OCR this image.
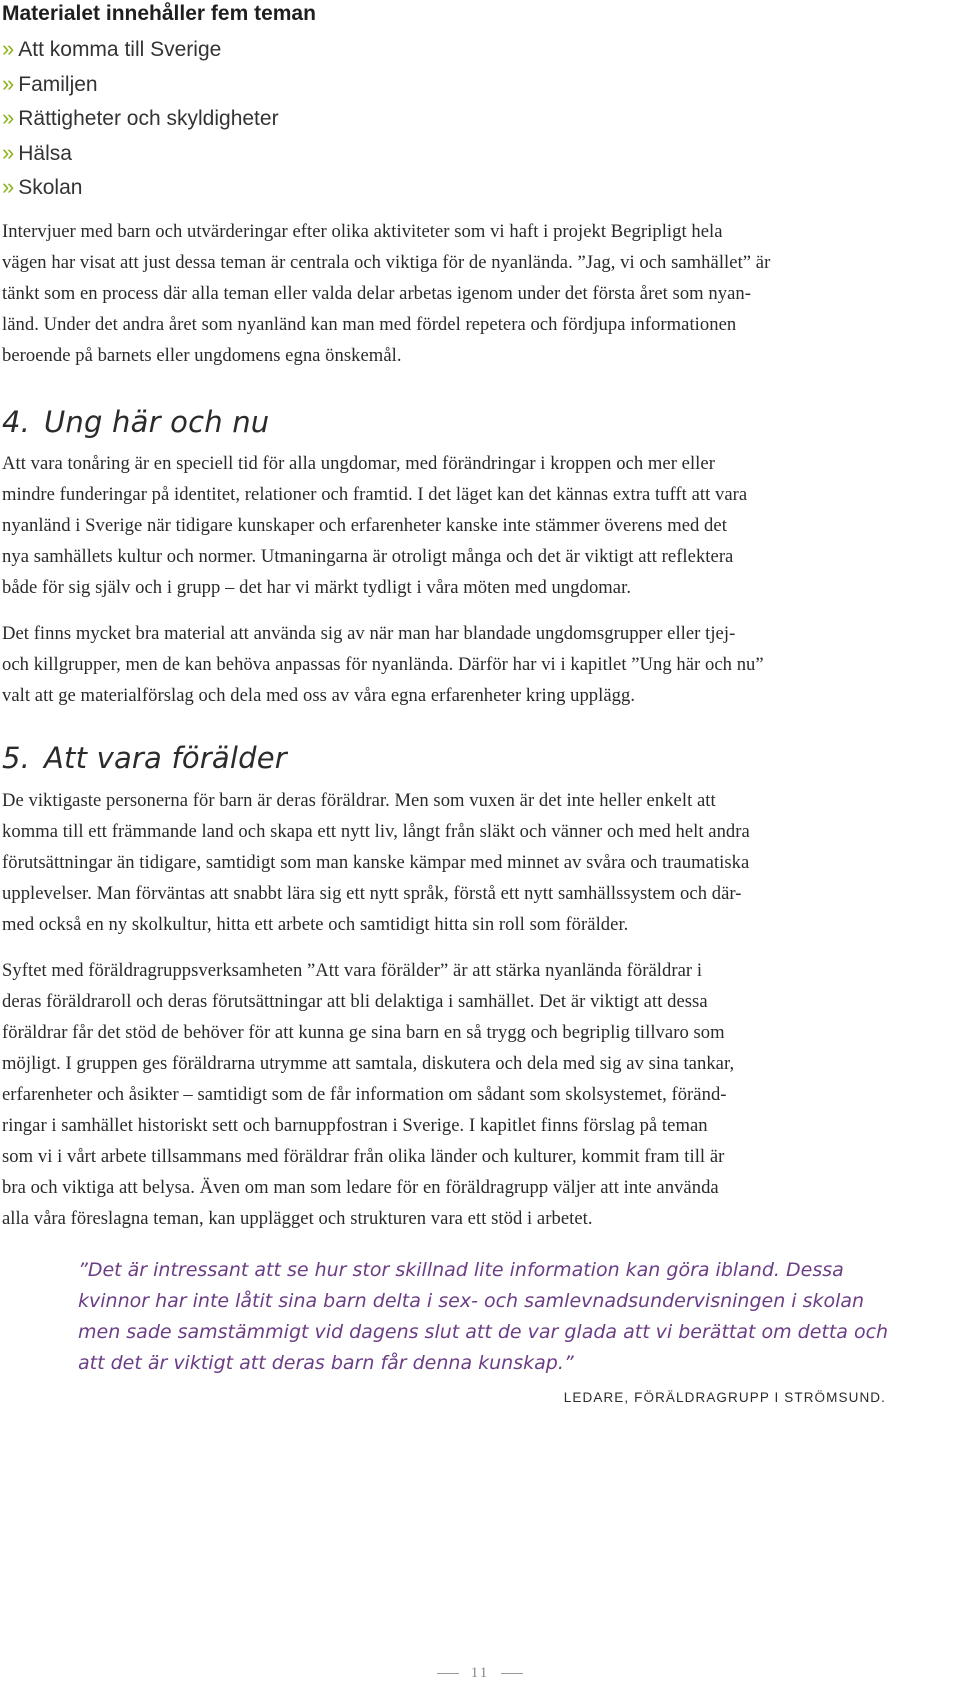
Materialet innehåller fem teman
» Att komma till Sverige
» Familjen
» Rättigheter och skyldigheter
» Hälsa
» Skolan
Intervjuer med barn och utvärderingar efter olika aktiviteter som vi haft i projekt Begripligt hela
vägen har visat att just dessa teman är centrala och viktiga för de nyanlända. ”Jag, vi och samhället” är
tänkt som en process där alla teman eller valda delar arbetas igenom under det första året som nyan-
länd. Under det andra året som nyanländ kan man med fördel repetera och fördjupa informationen
beroende på barnets eller ungdomens egna önskemål.
4. Ung här och nu
Att vara tonåring är en speciell tid för alla ungdomar, med förändringar i kroppen och mer eller
mindre funderingar på identitet, relationer och framtid. I det läget kan det kännas extra tufft att vara
nyanländ i Sverige när tidigare kunskaper och erfarenheter kanske inte stämmer överens med det
nya samhällets kultur och normer. Utmaningarna är otroligt många och det är viktigt att reflektera
både för sig själv och i grupp – det har vi märkt tydligt i våra möten med ungdomar.
Det finns mycket bra material att använda sig av när man har blandade ungdomsgrupper eller tjej-
och killgrupper, men de kan behöva anpassas för nyanlända. Därför har vi i kapitlet ”Ung här och nu”
valt att ge materialförslag och dela med oss av våra egna erfarenheter kring upplägg.
5. Att vara förälder
De viktigaste personerna för barn är deras föräldrar. Men som vuxen är det inte heller enkelt att
komma till ett främmande land och skapa ett nytt liv, långt från släkt och vänner och med helt andra
förutsättningar än tidigare, samtidigt som man kanske kämpar med minnet av svåra och traumatiska
upplevelser. Man förväntas att snabbt lära sig ett nytt språk, förstå ett nytt samhällssystem och där-
med också en ny skolkultur, hitta ett arbete och samtidigt hitta sin roll som förälder.
Syftet med föräldragruppsverksamheten ”Att vara förälder” är att stärka nyanlända föräldrar i
deras föräldraroll och deras förutsättningar att bli delaktiga i samhället. Det är viktigt att dessa
föräldrar får det stöd de behöver för att kunna ge sina barn en så trygg och begriplig tillvaro som
möjligt. I gruppen ges föräldrarna utrymme att samtala, diskutera och dela med sig av sina tankar,
erfarenheter och åsikter – samtidigt som de får information om sådant som skolsystemet, föränd-
ringar i samhället historiskt sett och barnuppfostran i Sverige. I kapitlet finns förslag på teman
som vi i vårt arbete tillsammans med föräldrar från olika länder och kulturer, kommit fram till är
bra och viktiga att belysa. Även om man som ledare för en föräldragrupp väljer att inte använda
alla våra föreslagna teman, kan upplägget och strukturen vara ett stöd i arbetet.
”Det är intressant att se hur stor skillnad lite information kan göra ibland. Dessa
kvinnor har inte låtit sina barn delta i sex- och samlevnadsundervisningen i skolan
men sade samstämmigt vid dagens slut att de var glada att vi berättat om detta och
att det är viktigt att deras barn får denna kunskap.”
LEDARE, FÖRÄLDRAGRUPP I STRÖMSUND.
11
